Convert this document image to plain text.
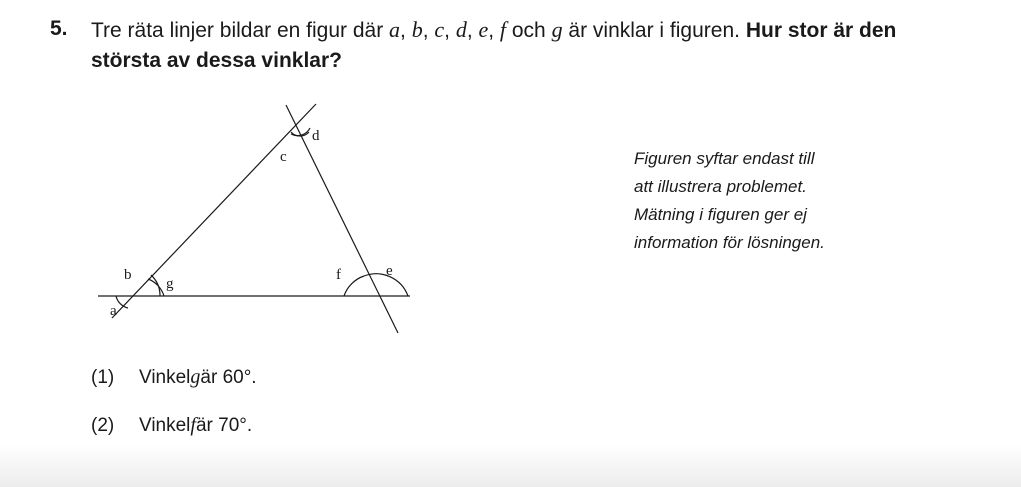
5. Tre räta linjer bildar en figur där a, b, c, d, e, f och g är vinklar i figuren. Hur stor är den största av dessa vinklar?
d
c
b
g
a
f	e
Figuren syftar endast till
att illustrera problemet.
Mätning i figuren ger ej
information för lösningen.
(1)	Vinkel g är 60°.
(2)	Vinkel f är 70°.
